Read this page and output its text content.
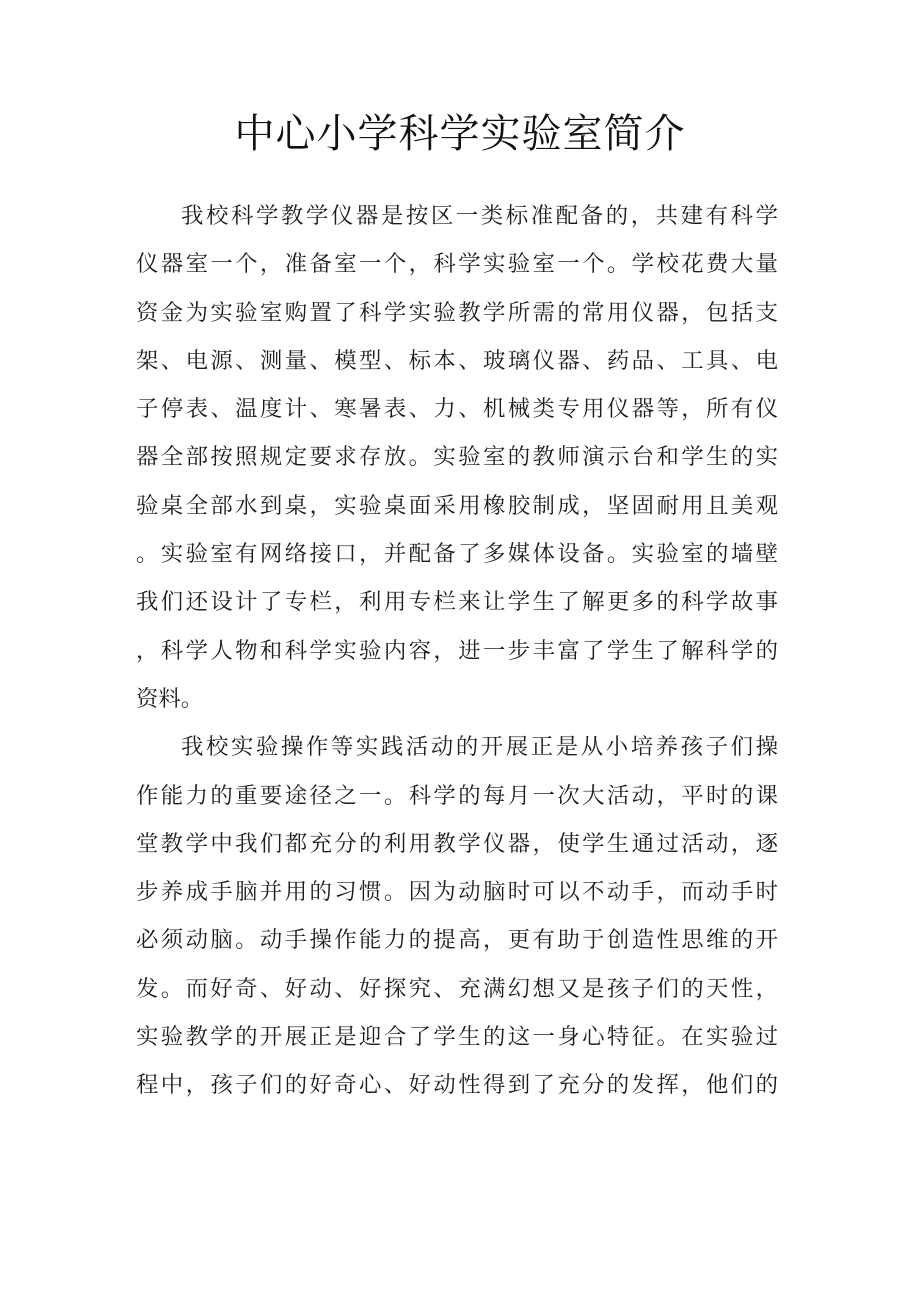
中心小学科学实验室简介
我校科学教学仪器是按区一类标准配备的，共建有科学
仪器室一个，准备室一个，科学实验室一个。学校花费大量
资金为实验室购置了科学实验教学所需的常用仪器，包括支
架、电源、测量、模型、标本、玻璃仪器、药品、工具、电
子停表、温度计、寒暑表、力、机械类专用仪器等，所有仪
器全部按照规定要求存放。实验室的教师演示台和学生的实
验桌全部水到桌，实验桌面采用橡胶制成，坚固耐用且美观
。实验室有网络接口，并配备了多媒体设备。实验室的墙壁
我们还设计了专栏，利用专栏来让学生了解更多的科学故事
，科学人物和科学实验内容，进一步丰富了学生了解科学的
资料。
我校实验操作等实践活动的开展正是从小培养孩子们操
作能力的重要途径之一。科学的每月一次大活动，平时的课
堂教学中我们都充分的利用教学仪器，使学生通过活动，逐
步养成手脑并用的习惯。因为动脑时可以不动手，而动手时
必须动脑。动手操作能力的提高，更有助于创造性思维的开
发。而好奇、好动、好探究、充满幻想又是孩子们的天性，
实验教学的开展正是迎合了学生的这一身心特征。在实验过
程中，孩子们的好奇心、好动性得到了充分的发挥，他们的
